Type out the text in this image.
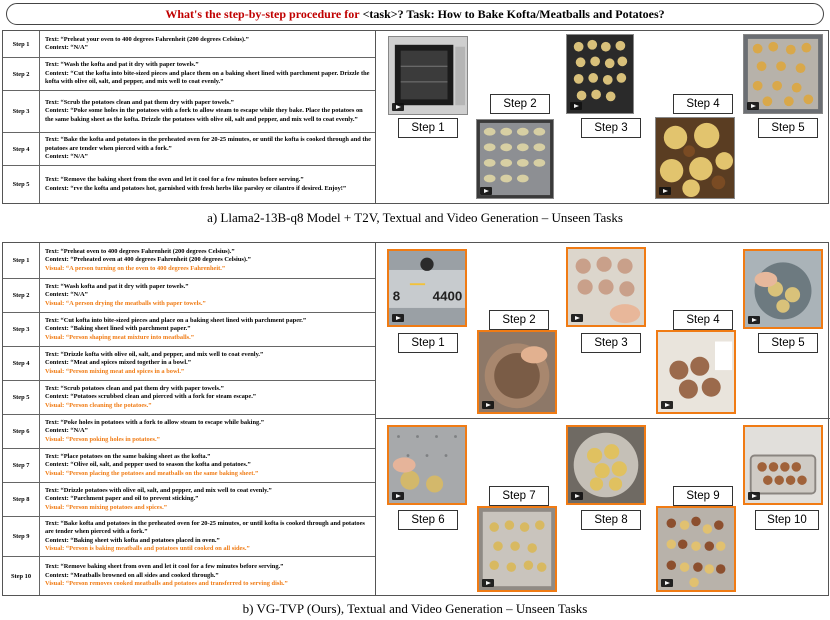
What's the step-by-step procedure for <task>? Task: How to Bake Kofta/Meatballs and Potatoes?
Step 1
Text: “Preheat your oven to 400 degrees Fahrenheit (200 degrees Celsius).”
Context: “N/A”
Step 2
Text: “Wash the kofta and pat it dry with paper towels.”
Context: “Cut the kofta into bite-sized pieces and place them on a baking sheet lined with parchment paper. Drizzle the kofta with olive oil, salt, and pepper, and mix well to coat evenly.”
Step 3
Text: “Scrub the potatoes clean and pat them dry with paper towels.”
Context: “Poke some holes in the potatoes with a fork to allow steam to escape while they bake. Place the potatoes on the same baking sheet as the kofta. Drizzle the potatoes with olive oil, salt and pepper, and mix well to coat evenly.”
Step 4
Text: “Bake the kofta and potatoes in the preheated oven for 20-25 minutes, or until the kofta is cooked through and the potatoes are tender when pierced with a fork.”
Context: “N/A”
Step 5
Text: “Remove the baking sheet from the oven and let it cool for a few minutes before serving.”
Context: “rve the kofta and potatoes hot, garnished with fresh herbs like parsley or cilantro if desired. Enjoy!”
Step 1
Step 2
Step 3
Step 4
Step 5
a) Llama2-13B-q8 Model + T2V, Textual and Video Generation – Unseen Tasks
Step 1
Text: “Preheat oven to 400 degrees Fahrenheit (200 degrees Celsius).”
Context: “Preheated oven at 400 degrees Fahrenheit (200 degrees Celsius).”
Visual: “A person turning on the oven to 400 degrees Fahrenheit.”
Step 2
Text: “Wash kofta and pat it dry with paper towels.”
Context: “N/A”
Visual: “A person drying the meatballs with paper towels.”
Step 3
Text: “Cut kofta into bite-sized pieces and place on a baking sheet lined with parchment paper.”
Context: “Baking sheet lined with parchment paper.”
Visual: “Person shaping meat mixture into meatballs.”
Step 4
Text: “Drizzle kofta with olive oil, salt, and pepper, and mix well to coat evenly.”
Context: “Meat and spices mixed together in a bowl.”
Visual: “Person mixing meat and spices in a bowl.”
Step 5
Text: “Scrub potatoes clean and pat them dry with paper towels.”
Context: “Potatoes scrubbed clean and pierced with a fork for steam escape.”
Visual: “Person cleaning the potatoes.”
Step 6
Text: “Poke holes in potatoes with a fork to allow steam to escape while baking.”
Context: “N/A”
Visual: “Person poking holes in potatoes.”
Step 7
Text: “Place potatoes on the same baking sheet as the kofta.”
Context: “Olive oil, salt, and pepper used to season the kofta and potatoes.”
Visual: “Person placing the potatoes and meatballs on the same baking sheet.”
Step 8
Text: “Drizzle potatoes with olive oil, salt, and pepper, and mix well to coat evenly.”
Context: “Parchment paper and oil to prevent sticking.”
Visual: “Person mixing potatoes and spices.”
Step 9
Text: “Bake kofta and potatoes in the preheated oven for 20-25 minutes, or until kofta is cooked through and potatoes are tender when pierced with a fork.”
Context: “Baking sheet with kofta and potatoes placed in oven.”
Visual: “Person is baking meatballs and potatoes until cooked on all sides.”
Step 10
Text: “Remove baking sheet from oven and let it cool for a few minutes before serving.”
Context: “Meatballs browned on all sides and cooked through.”
Visual: “Person removes cooked meatballs and potatoes and transferred to serving dish.”
8 4400
Step 1
Step 2
Step 3
Step 4
Step 5
Step 6
Step 7
Step 8
Step 9
Step 10
b) VG-TVP (Ours), Textual and Video Generation – Unseen Tasks
